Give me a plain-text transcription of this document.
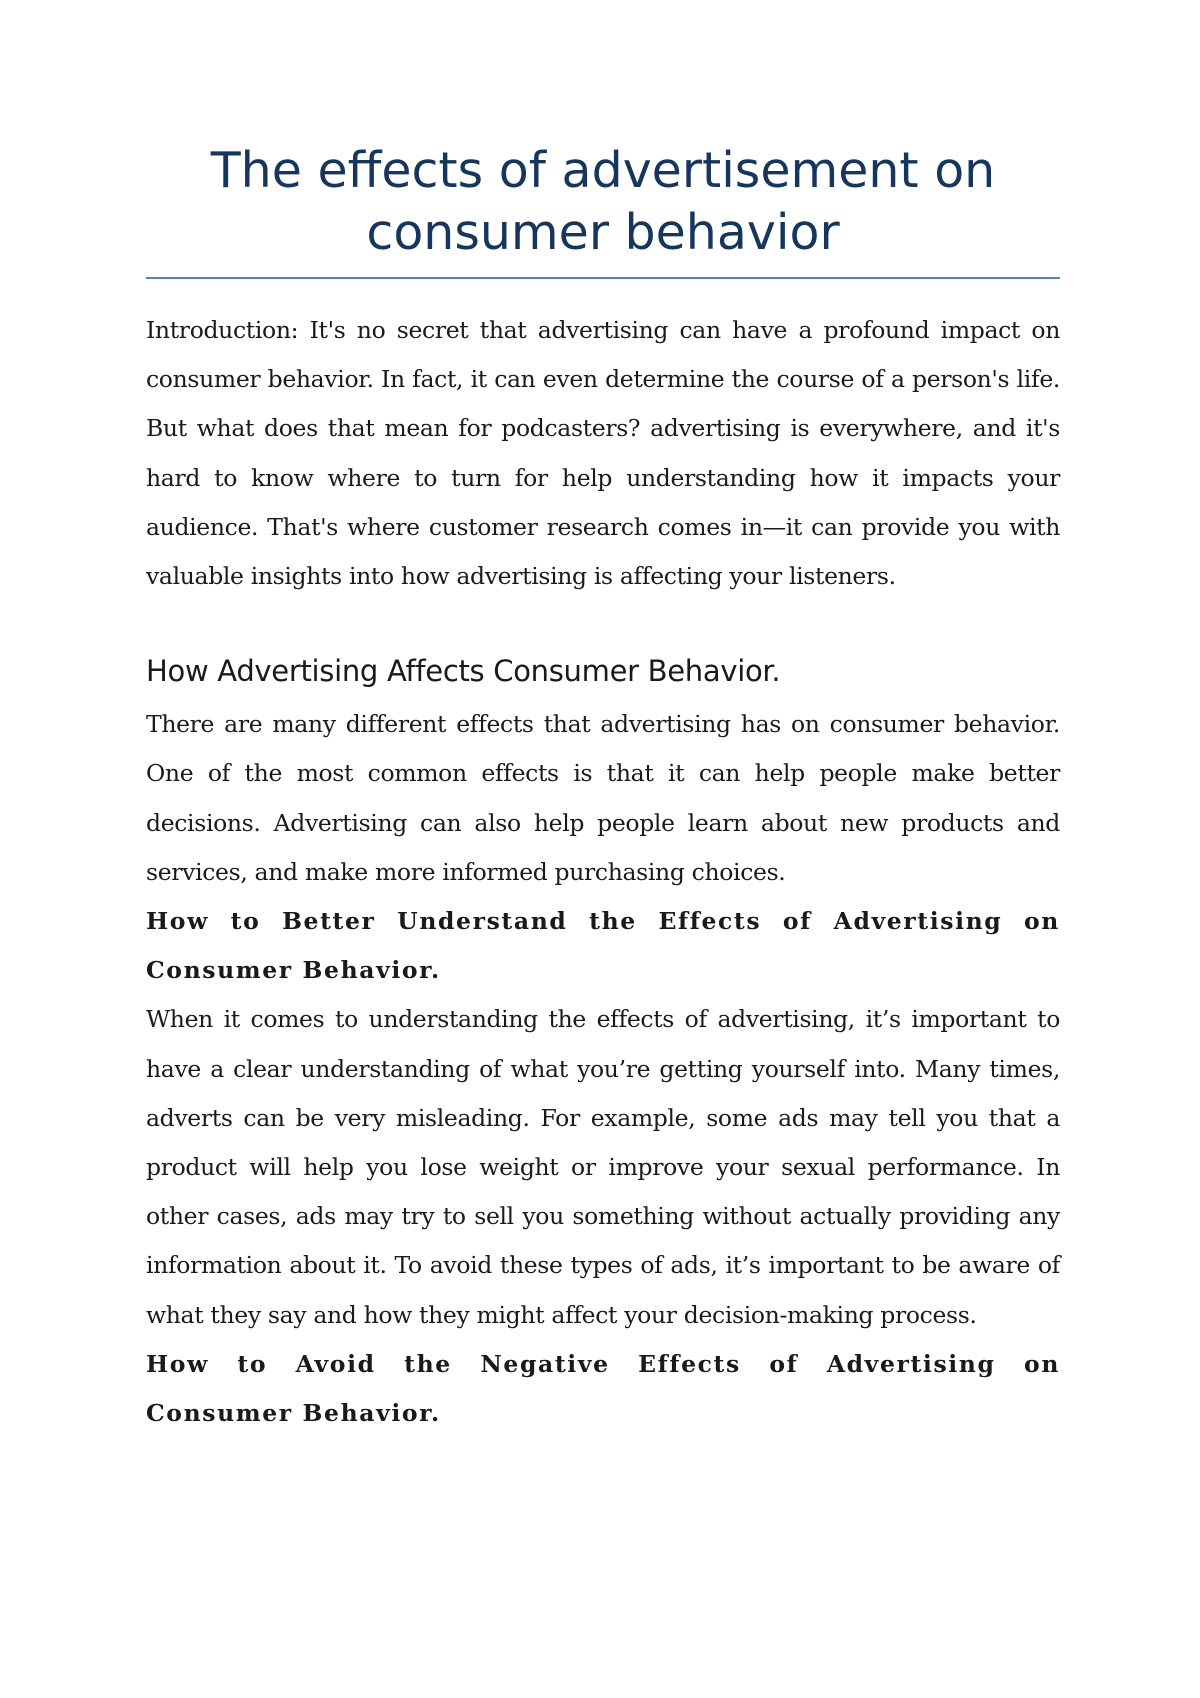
The effects of advertisement on consumer behavior

Introduction: It's no secret that advertising can have a profound impact on consumer behavior. In fact, it can even determine the course of a person's life. But what does that mean for podcasters? advertising is everywhere, and it's hard to know where to turn for help understanding how it impacts your audience. That's where customer research comes in—it can provide you with valuable insights into how advertising is affecting your listeners.

How Advertising Affects Consumer Behavior.

There are many different effects that advertising has on consumer behavior. One of the most common effects is that it can help people make better decisions. Advertising can also help people learn about new products and services, and make more informed purchasing choices.

How to Better Understand the Effects of Advertising on Consumer Behavior.

When it comes to understanding the effects of advertising, it’s important to have a clear understanding of what you’re getting yourself into. Many times, adverts can be very misleading. For example, some ads may tell you that a product will help you lose weight or improve your sexual performance. In other cases, ads may try to sell you something without actually providing any information about it. To avoid these types of ads, it’s important to be aware of what they say and how they might affect your decision-making process.

How to Avoid the Negative Effects of Advertising on Consumer Behavior.
